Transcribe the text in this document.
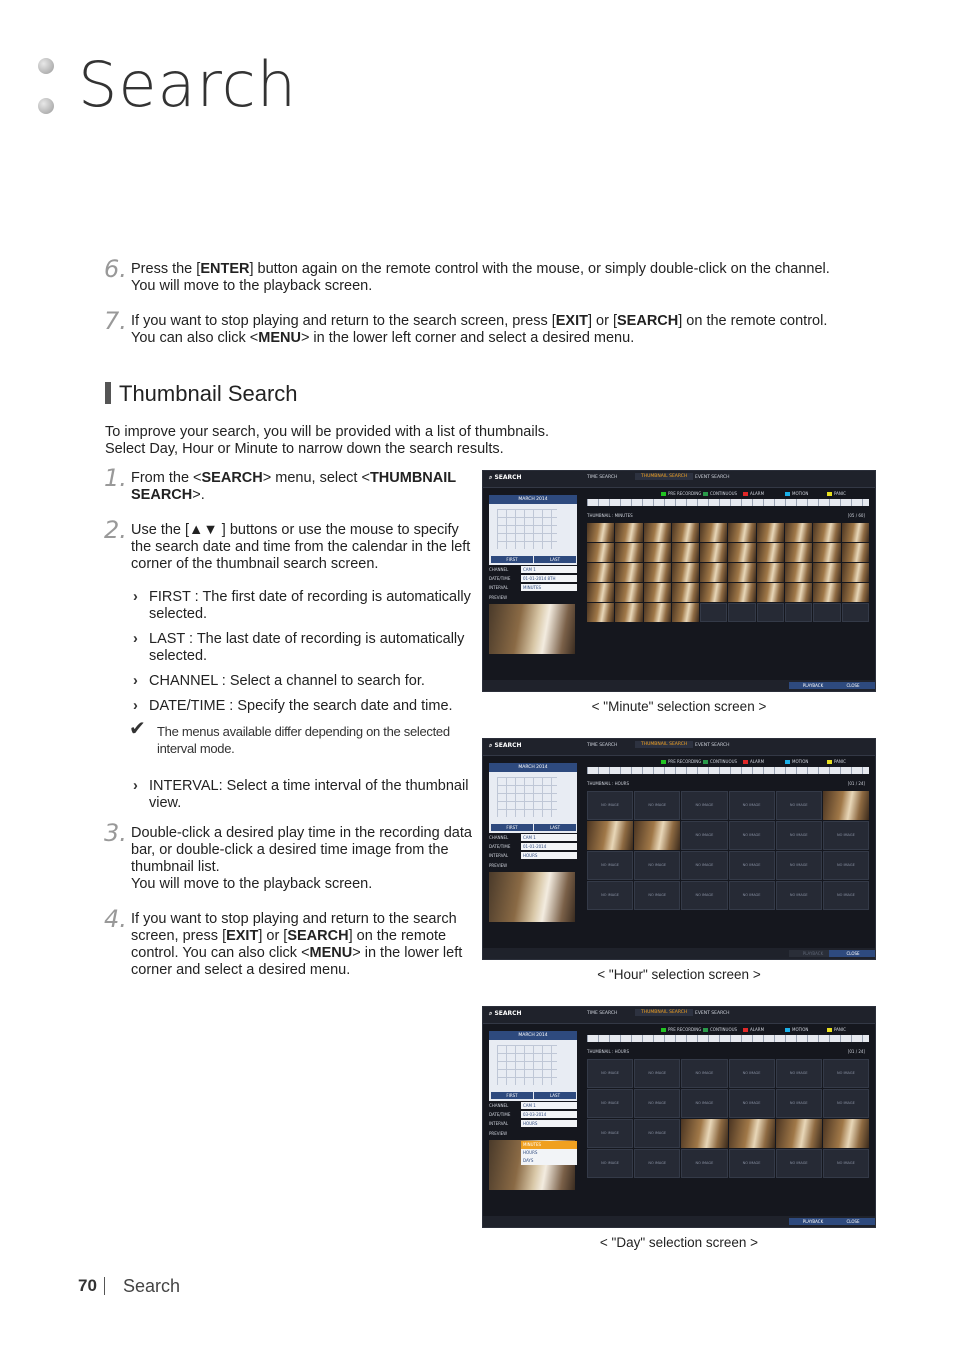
Search
6. Press the [ENTER] button again on the remote control with the mouse, or simply double-click on the channel.

You will move to the playback screen.

7. If you want to stop playing and return to the search screen, press [EXIT] or [SEARCH] on the remote control.

You can also click <MENU> in the lower left corner and select a desired menu.

Thumbnail Search

To improve your search, you will be provided with a list of thumbnails.

Select Day, Hour or Minute to narrow down the search results.

1. From the <SEARCH> menu, select <THUMBNAIL

SEARCH>.

2. Use the [▲▼ ] buttons or use the mouse to specify

the search date and time from the calendar in the left

corner of the thumbnail search screen.

› FIRST : The first date of recording is automatically
selected.
› LAST : The last date of recording is automatically
selected.
› CHANNEL : Select a channel to search for.
› DATE/TIME : Specify the search date and time.
✔ The menus available differ depending on the selected
interval mode.
› INTERVAL: Select a time interval of the thumbnail
view.
3. Double-click a desired play time in the recording data

bar, or double-click a desired time image from the

thumbnail list.

You will move to the playback screen.

4. If you want to stop playing and return to the search

screen, press [EXIT] or [SEARCH] on the remote

control. You can also click <MENU> in the lower left

corner and select a desired menu.

⌕ SEARCH	TIME SEARCH	THUMBNAIL SEARCH	EVENT SEARCH
MARCH 2014
FIRST	LAST
CHANNEL	CAM 1
DATE/TIME	01-01-2014 8TH
INTERVAL	MINUTES
PREVIEW
PRE RECORDING	CONTINUOUS	ALARM	MOTION	PANIC
THUMBNAIL : MINUTES	[05 / 60]
PLAYBACK	CLOSE
< "Minute" selection screen >
⌕ SEARCH	TIME SEARCH	THUMBNAIL SEARCH	EVENT SEARCH
MARCH 2014
FIRST	LAST
CHANNEL	CAM 1
DATE/TIME	01-01-2014
INTERVAL	HOURS
PREVIEW
PRE RECORDING	CONTINUOUS	ALARM	MOTION	PANIC
THUMBNAIL : HOURS	[01 / 24]
NO IMAGE	NO IMAGE	NO IMAGE	NO IMAGE	NO IMAGE
NO IMAGE	NO IMAGE	NO IMAGE	NO IMAGE
NO IMAGE	NO IMAGE	NO IMAGE	NO IMAGE	NO IMAGE	NO IMAGE
NO IMAGE	NO IMAGE	NO IMAGE	NO IMAGE	NO IMAGE	NO IMAGE
PLAYBACK	CLOSE
< "Hour" selection screen >
⌕ SEARCH	TIME SEARCH	THUMBNAIL SEARCH	EVENT SEARCH
MARCH 2014
FIRST	LAST
CHANNEL	CAM 1
DATE/TIME	03-03-2014
INTERVAL	HOURS
PREVIEW
MINUTES
HOURS
DAYS
PRE RECORDING	CONTINUOUS	ALARM	MOTION	PANIC
THUMBNAIL : HOURS	[01 / 24]
NO IMAGE	NO IMAGE	NO IMAGE	NO IMAGE	NO IMAGE	NO IMAGE
NO IMAGE	NO IMAGE	NO IMAGE	NO IMAGE	NO IMAGE	NO IMAGE
NO IMAGE	NO IMAGE
NO IMAGE	NO IMAGE	NO IMAGE	NO IMAGE	NO IMAGE	NO IMAGE
PLAYBACK	CLOSE
< "Day" selection screen >
70 Search
